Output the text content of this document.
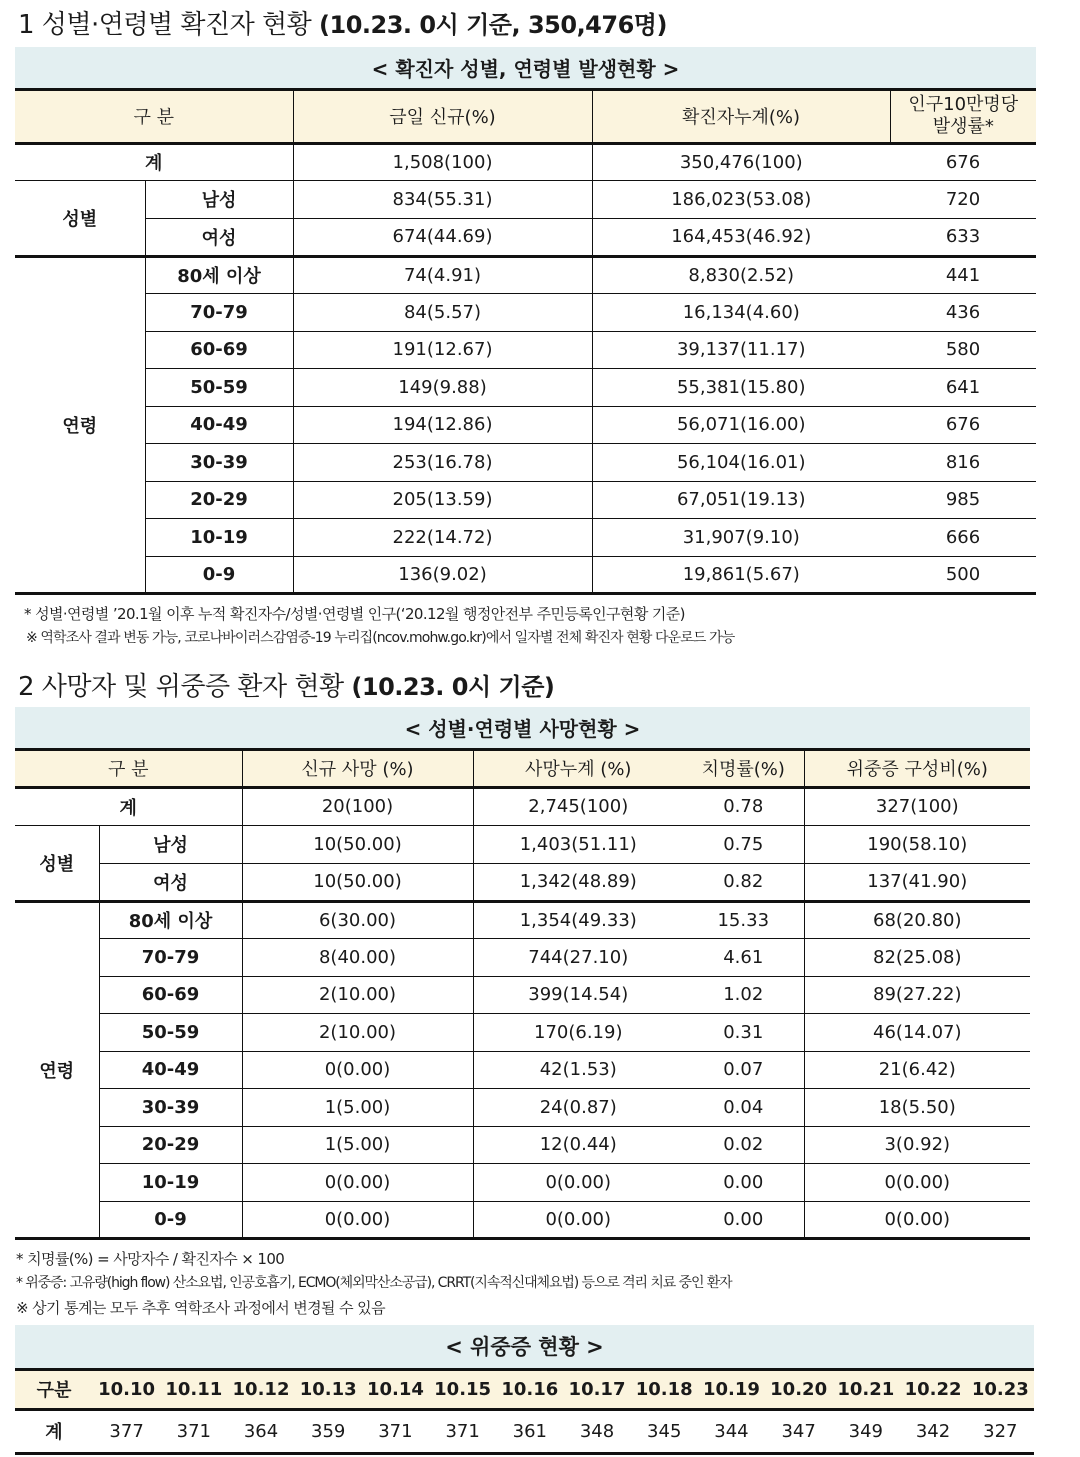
1 성별·연령별 확진자 현황 (10.23. 0시 기준, 350,476명)
< 확진자 성별, 연령별 발생현황 >				
구 분		금일 신규(%)	확진자누계(%)	인구10만명당
발생률*

계		1,508(100)	350,476(100)	676
성별	남성	834(55.31)	186,023(53.08)	720
	여성	674(44.69)	164,453(46.92)	633
연령	80세 이상	74(4.91)	8,830(2.52)	441
	70-79	84(5.57)	16,134(4.60)	436
	60-69	191(12.67)	39,137(11.17)	580
	50-59	149(9.88)	55,381(15.80)	641
	40-49	194(12.86)	56,071(16.00)	676
	30-39	253(16.78)	56,104(16.01)	816
	20-29	205(13.59)	67,051(19.13)	985
	10-19	222(14.72)	31,907(9.10)	666
	0-9	136(9.02)	19,861(5.67)	500
* 성별·연령별 ’20.1월 이후 누적 확진자수/성별·연령별 인구(‘20.12월 행정안전부 주민등록인구현황 기준)
※ 역학조사 결과 변동 가능, 코로나바이러스감염증-19 누리집(ncov.mohw.go.kr)에서 일자별 전체 확진자 현황 다운로드 가능
2 사망자 및 위중증 환자 현황 (10.23. 0시 기준)
< 성별·연령별 사망현황 >					
구 분		신규 사망 (%)	사망누계 (%)	치명률(%)	위중증 구성비(%)
계		20(100)	2,745(100)	0.78	327(100)
성별	남성	10(50.00)	1,403(51.11)	0.75	190(58.10)
	여성	10(50.00)	1,342(48.89)	0.82	137(41.90)
연령	80세 이상	6(30.00)	1,354(49.33)	15.33	68(20.80)
	70-79	8(40.00)	744(27.10)	4.61	82(25.08)
	60-69	2(10.00)	399(14.54)	1.02	89(27.22)
	50-59	2(10.00)	170(6.19)	0.31	46(14.07)
	40-49	0(0.00)	42(1.53)	0.07	21(6.42)
	30-39	1(5.00)	24(0.87)	0.04	18(5.50)
	20-29	1(5.00)	12(0.44)	0.02	3(0.92)
	10-19	0(0.00)	0(0.00)	0.00	0(0.00)
	0-9	0(0.00)	0(0.00)	0.00	0(0.00)
* 치명률(%) = 사망자수 / 확진자수 × 100
* 위중증: 고유량(high flow) 산소요법, 인공호흡기, ECMO(체외막산소공급), CRRT(지속적신대체요법) 등으로 격리 치료 중인 환자
※ 상기 통계는 모두 추후 역학조사 과정에서 변경될 수 있음
< 위중증 현황 >														
구분	10.10	10.11	10.12	10.13	10.14	10.15	10.16	10.17	10.18	10.19	10.20	10.21	10.22	10.23
계	377	371	364	359	371	371	361	348	345	344	347	349	342	327
